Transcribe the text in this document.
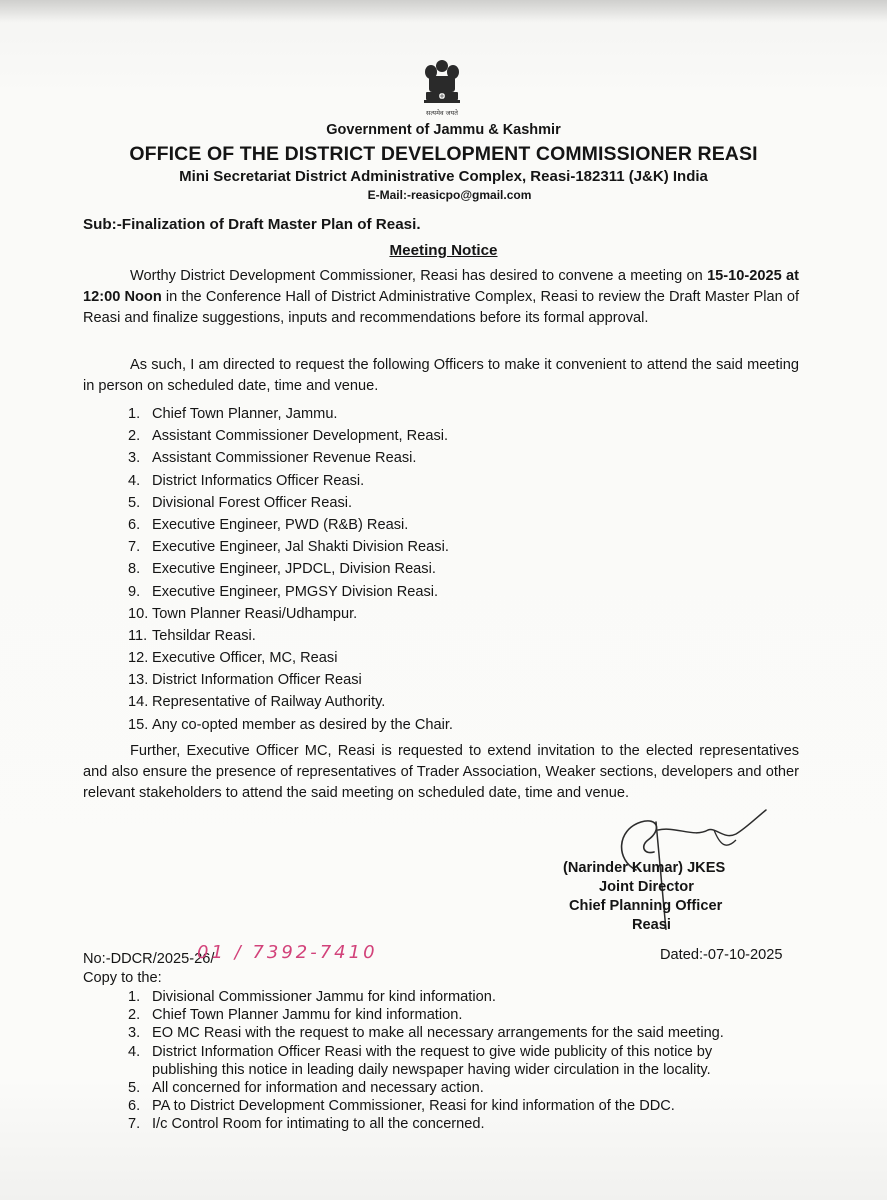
सत्यमेव जयते
Government of Jammu & Kashmir
OFFICE OF THE DISTRICT DEVELOPMENT COMMISSIONER REASI
Mini Secretariat District Administrative Complex, Reasi-182311 (J&K) India
E-Mail:-reasicpo@gmail.com
Sub:-Finalization of Draft Master Plan of Reasi.
Meeting Notice
Worthy District Development Commissioner, Reasi has desired to convene a meeting on 15-10-2025 at 12:00 Noon in the Conference Hall of District Administrative Complex, Reasi to review the Draft Master Plan of Reasi and finalize suggestions, inputs and recommendations before its formal approval.
As such, I am directed to request the following Officers to make it convenient to attend the said meeting in person on scheduled date, time and venue.
1. Chief Town Planner, Jammu.
2. Assistant Commissioner Development, Reasi.
3. Assistant Commissioner Revenue Reasi.
4. District Informatics Officer Reasi.
5. Divisional Forest Officer Reasi.
6. Executive Engineer, PWD (R&B) Reasi.
7. Executive Engineer, Jal Shakti Division Reasi.
8. Executive Engineer, JPDCL, Division Reasi.
9. Executive Engineer, PMGSY Division Reasi.
10. Town Planner Reasi/Udhampur.
11. Tehsildar Reasi.
12. Executive Officer, MC, Reasi
13. District Information Officer Reasi
14. Representative of Railway Authority.
15. Any co-opted member as desired by the Chair.
Further, Executive Officer MC, Reasi is requested to extend invitation to the elected representatives and also ensure the presence of representatives of Trader Association, Weaker sections, developers and other relevant stakeholders to attend the said meeting on scheduled date, time and venue.
(Narinder Kumar) JKES
Joint Director
Chief Planning Officer
Reasi
No:-DDCR/2025-26/
01 / 7392-7410	Dated:-07-10-2025
Copy to the:
1. Divisional Commissioner Jammu for kind information.
2. Chief Town Planner Jammu for kind information.
3. EO MC Reasi with the request to make all necessary arrangements for the said meeting.
4. District Information Officer Reasi with the request to give wide publicity of this notice by
publishing this notice in leading daily newspaper having wider circulation in the locality.
5. All concerned for information and necessary action.
6. PA to District Development Commissioner, Reasi for kind information of the DDC.
7. I/c Control Room for intimating to all the concerned.
